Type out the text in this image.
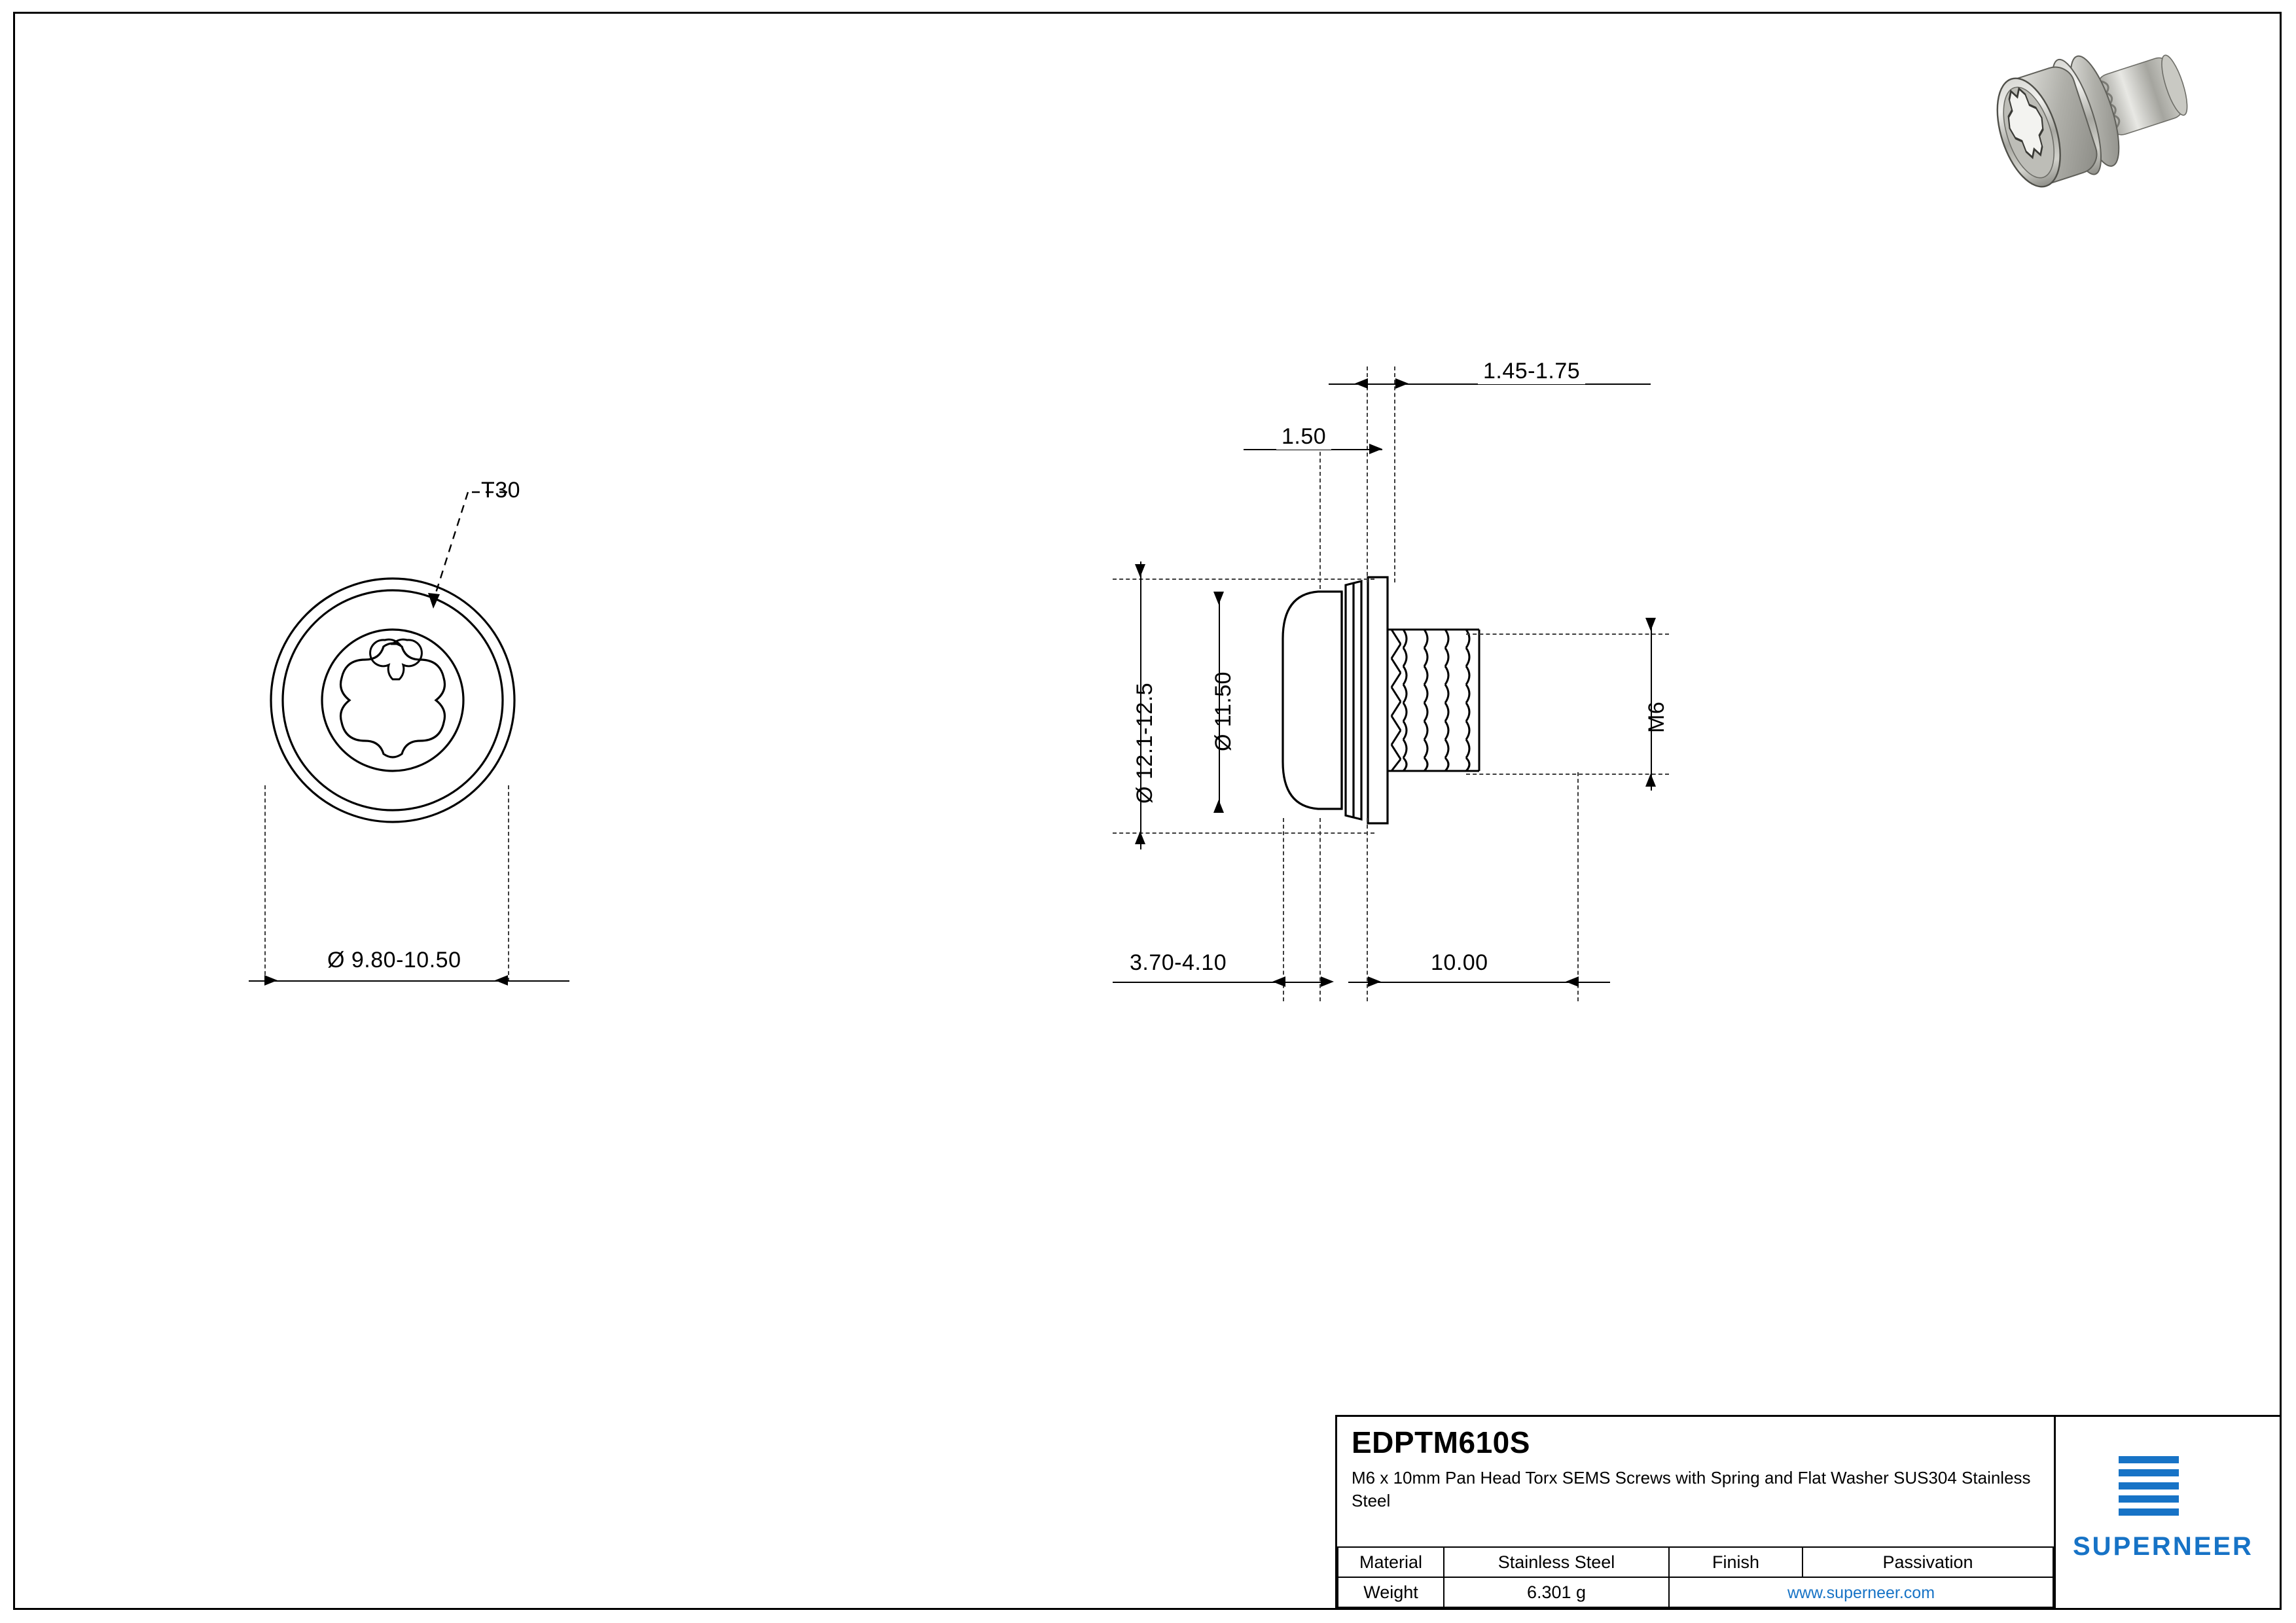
T30
Ø 9.80-10.50
1.45-1.75
1.50
Ø 12.1-12.5 Ø 11.50	M6
3.70-4.10	10.00
EDPTM610S
M6 x 10mm Pan Head Torx SEMS Screws with Spring and Flat Washer SUS304 Stainless Steel
Material	Stainless Steel	Finish	Passivation
Weight	6.301 g	www.superneer.com	
SUPERNEER
